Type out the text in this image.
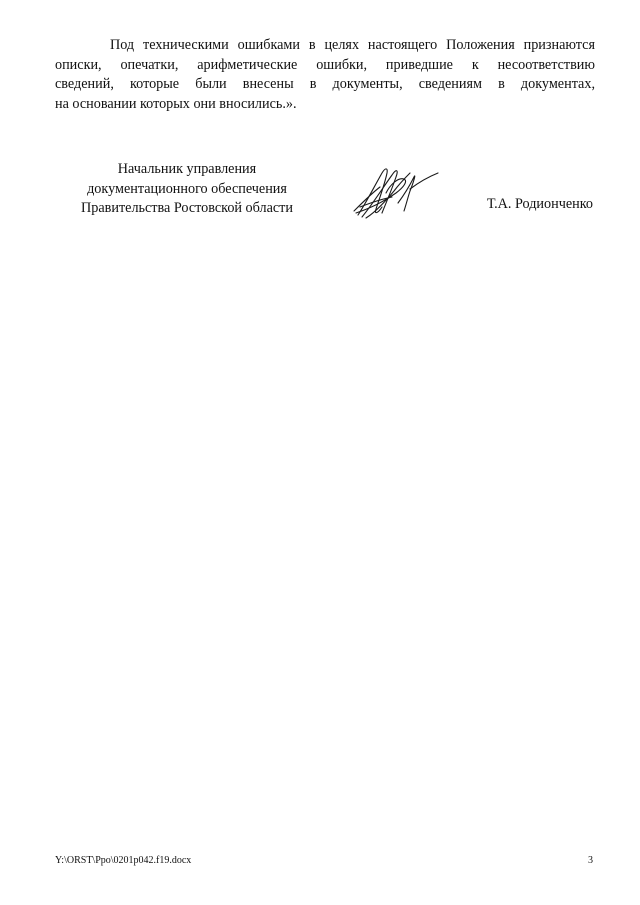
Под техническими ошибками в целях настоящего Положения признаются
описки, опечатки, арифметические ошибки, приведшие к несоответствию
сведений, которые были внесены в документы, сведениям в документах,
на основании которых они вносились.».
Начальник управления
документационного обеспечения
Правительства Ростовской области	Т.А. Родионченко
Y:\ORST\Ppo\0201p042.f19.docx	3
